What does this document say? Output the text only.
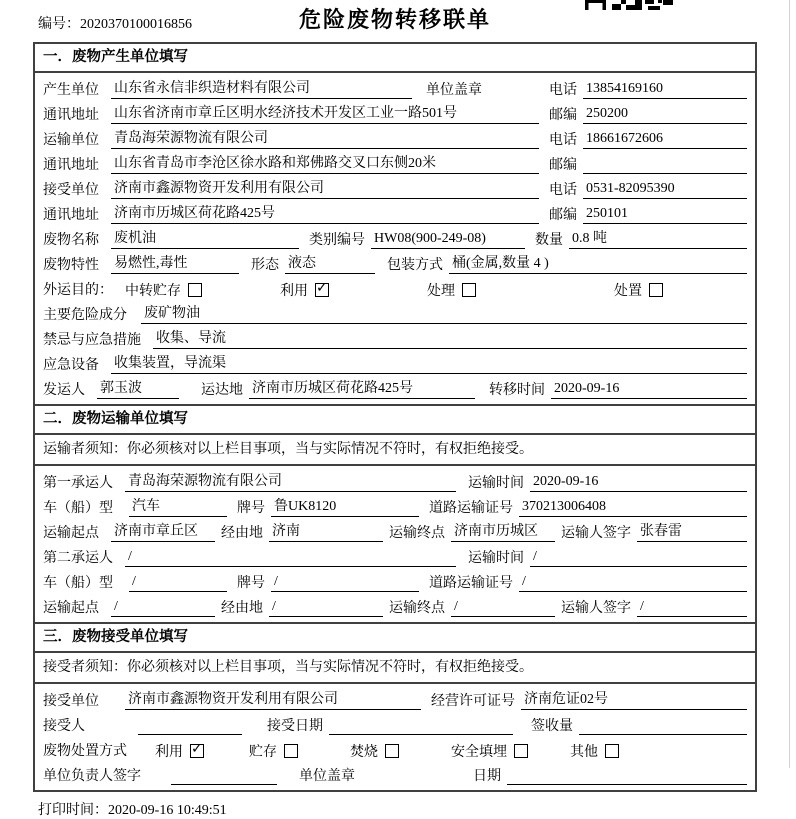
编号：2020370100016856	危险废物转移联单
一．废物产生单位填写
产生单位	山东省永信非织造材料有限公司	单位盖章	电话 13854169160
通讯地址	山东省济南市章丘区明水经济技术开发区工业一路501号	邮编 250200
运输单位	青岛海荣源物流有限公司	电话 18661672606
通讯地址	山东省青岛市李沧区徐水路和郑佛路交叉口东侧20米	邮编
接受单位	济南市鑫源物资开发利用有限公司	电话 0531-82095390
通讯地址	济南市历城区荷花路425号	邮编 250101
废物名称	废机油	类别编号 HW08(900-249-08)	数量 0.8 吨
废物特性	易燃性,毒性	形态 液态	包装方式 桶(金属,数量 4 )
外运目的： 中转贮存	利用 ✓	处理	处置
主要危险成分	废矿物油
禁忌与应急措施	收集、导流
应急设备	收集装置，导流渠
发运人	郭玉波	运达地 济南市历城区荷花路425号	转移时间 2020-09-16
二．废物运输单位填写
运输者须知：你必须核对以上栏目事项，当与实际情况不符时，有权拒绝接受。
第一承运人	青岛海荣源物流有限公司	运输时间 2020-09-16
车（船）型	汽车	牌号 鲁UK8120	道路运输证号 370213006408
运输起点	济南市章丘区	经由地 济南	运输终点 济南市历城区	运输人签字 张春雷
第二承运人	/	运输时间 /
车（船）型	/	牌号 /	道路运输证号 /
运输起点	/	经由地 /	运输终点 /	运输人签字 /
三．废物接受单位填写
接受者须知：你必须核对以上栏目事项，当与实际情况不符时，有权拒绝接受。
接受单位	济南市鑫源物资开发利用有限公司	经营许可证号 济南危证02号
接受人	接受日期	签收量
废物处置方式 利用 ✓	贮存	焚烧	安全填埋	其他
单位负责人签字	单位盖章	日期
打印时间：2020-09-16 10:49:51
